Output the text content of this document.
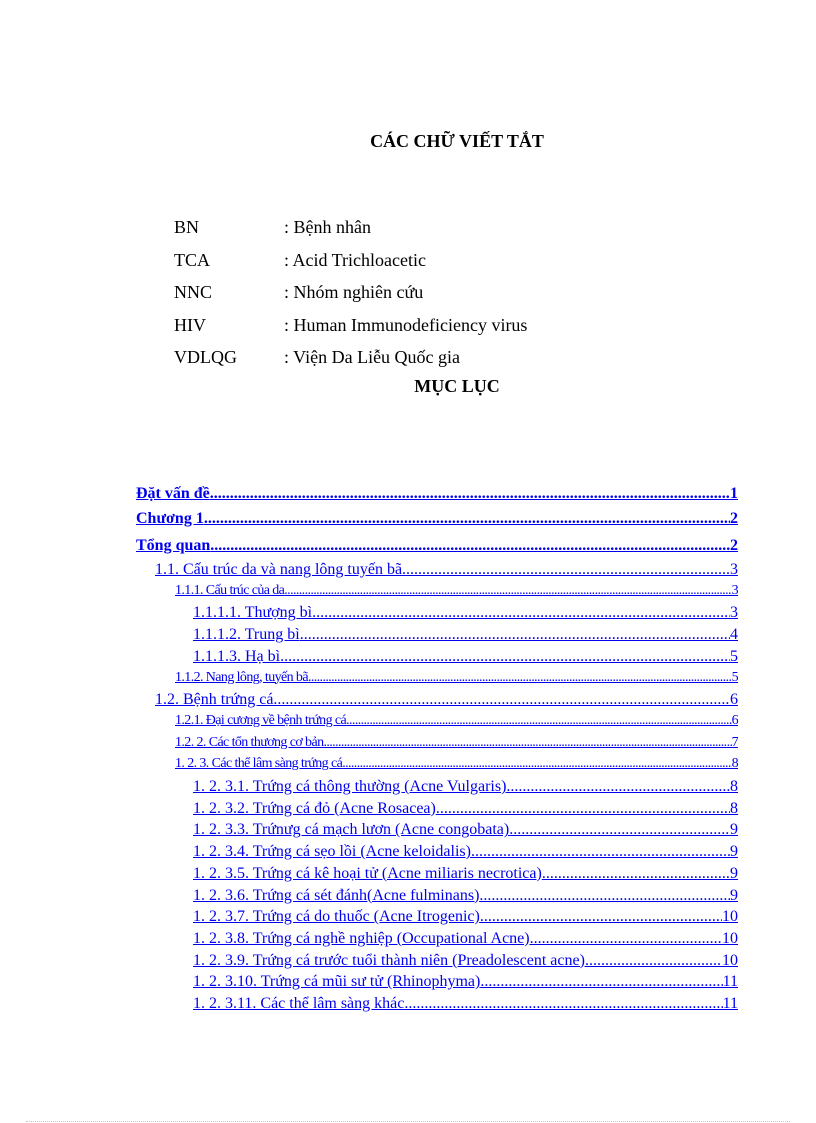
CÁC CHỮ VIẾT TẮT
BN	: Bệnh nhân
TCA	: Acid Trichloacetic
NNC	: Nhóm nghiên cứu
HIV	: Human Immunodeficiency virus
VDLQG	: Viện Da Liễu Quốc gia
MỤC LỤC
Đặt vấn đề .....	1
Chương 1 .....	2
Tổng quan .....	2
1.1. Cấu trúc da và nang lông tuyến bã .....	3
1.1.1. Cấu trúc của da .....	3
1.1.1.1. Thượng bì .....	3
1.1.1.2. Trung bì .....	4
1.1.1.3. Hạ bì .....	5
1.1.2. Nang lông, tuyến bã .....	5
1.2. Bệnh trứng cá .....	6
1.2.1. Đại cương về bệnh trứng cá .....	6
1.2. 2. Các tổn thương cơ bản .....	7
1. 2. 3. Các thể lâm sàng trứng cá .....	8
1. 2. 3.1. Trứng cá thông thường (Acne Vulgaris) .....	8
1. 2. 3.2. Trứng cá đỏ (Acne Rosacea) .....	8
1. 2. 3.3. Trứnưg cá mạch lươn (Acne congobata) .....	9
1. 2. 3.4. Trứng cá sẹo lồi (Acne keloidalis) .....	9
1. 2. 3.5. Trứng cá kê hoại tử (Acne miliaris necrotica) .....	9
1. 2. 3.6. Trứng cá sét đánh(Acne fulminans) .....	9
1. 2. 3.7. Trứng cá do thuốc (Acne Itrogenic) .....	10
1. 2. 3.8. Trứng cá nghề nghiệp (Occupational Acne) .....	10
1. 2. 3.9. Trứng cá trước tuổi thành niên (Preadolescent acne) .....	10
1. 2. 3.10. Trứng cá mũi sư tử (Rhinophyma) .....	11
1. 2. 3.11. Các thể lâm sàng khác .....	11
